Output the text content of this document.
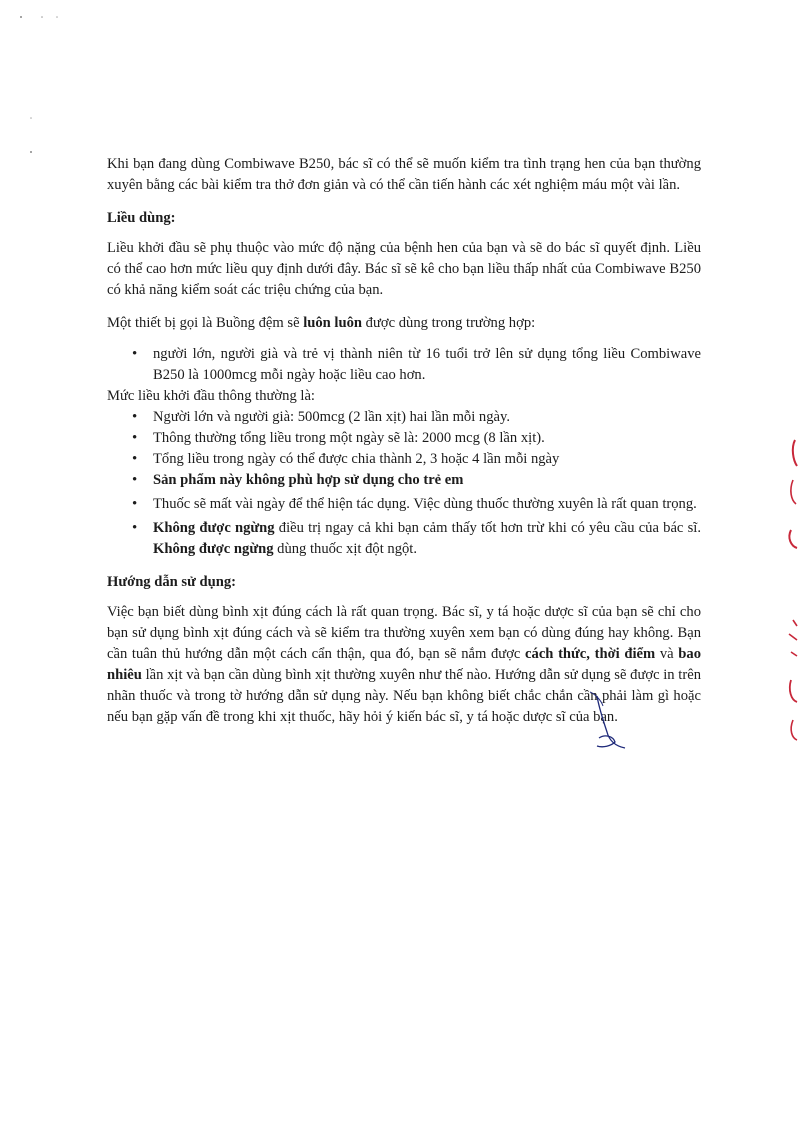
Khi bạn đang dùng Combiwave B250, bác sĩ có thể sẽ muốn kiểm tra tình trạng hen của bạn thường xuyên bằng các bài kiểm tra thở đơn giản và có thể cần tiến hành các xét nghiệm máu một vài lần.

Liều dùng:

Liều khởi đầu sẽ phụ thuộc vào mức độ nặng của bệnh hen của bạn và sẽ do bác sĩ quyết định. Liều có thể cao hơn mức liều quy định dưới đây. Bác sĩ sẽ kê cho bạn liều thấp nhất của Combiwave B250 có khả năng kiểm soát các triệu chứng của bạn.

Một thiết bị gọi là Buồng đệm sẽ luôn luôn được dùng trong trường hợp:

• người lớn, người già và trẻ vị thành niên từ 16 tuổi trở lên sử dụng tổng liều Combiwave B250 là 1000mcg mỗi ngày hoặc liều cao hơn.

Mức liều khởi đầu thông thường là:

• Người lớn và người già: 500mcg (2 lần xịt) hai lần mỗi ngày.
• Thông thường tổng liều trong một ngày sẽ là: 2000 mcg (8 lần xịt).
• Tổng liều trong ngày có thể được chia thành 2, 3 hoặc 4 lần mỗi ngày
• Sản phẩm này không phù hợp sử dụng cho trẻ em
• Thuốc sẽ mất vài ngày để thể hiện tác dụng. Việc dùng thuốc thường xuyên là rất quan trọng.
• Không được ngừng điều trị ngay cả khi bạn cảm thấy tốt hơn trừ khi có yêu cầu của bác sĩ. Không được ngừng dùng thuốc xịt đột ngột.

Hướng dẫn sử dụng:

Việc bạn biết dùng bình xịt đúng cách là rất quan trọng. Bác sĩ, y tá hoặc dược sĩ của bạn sẽ chỉ cho bạn sử dụng bình xịt đúng cách và sẽ kiểm tra thường xuyên xem bạn có dùng đúng hay không. Bạn cần tuân thủ hướng dẫn một cách cẩn thận, qua đó, bạn sẽ nắm được cách thức, thời điểm và bao nhiêu lần xịt và bạn cần dùng bình xịt thường xuyên như thế nào. Hướng dẫn sử dụng sẽ được in trên nhãn thuốc và trong tờ hướng dẫn sử dụng này. Nếu bạn không biết chắc chắn cần phải làm gì hoặc nếu bạn gặp vấn đề trong khi xịt thuốc, hãy hỏi ý kiến bác sĩ, y tá hoặc dược sĩ của bạn.
